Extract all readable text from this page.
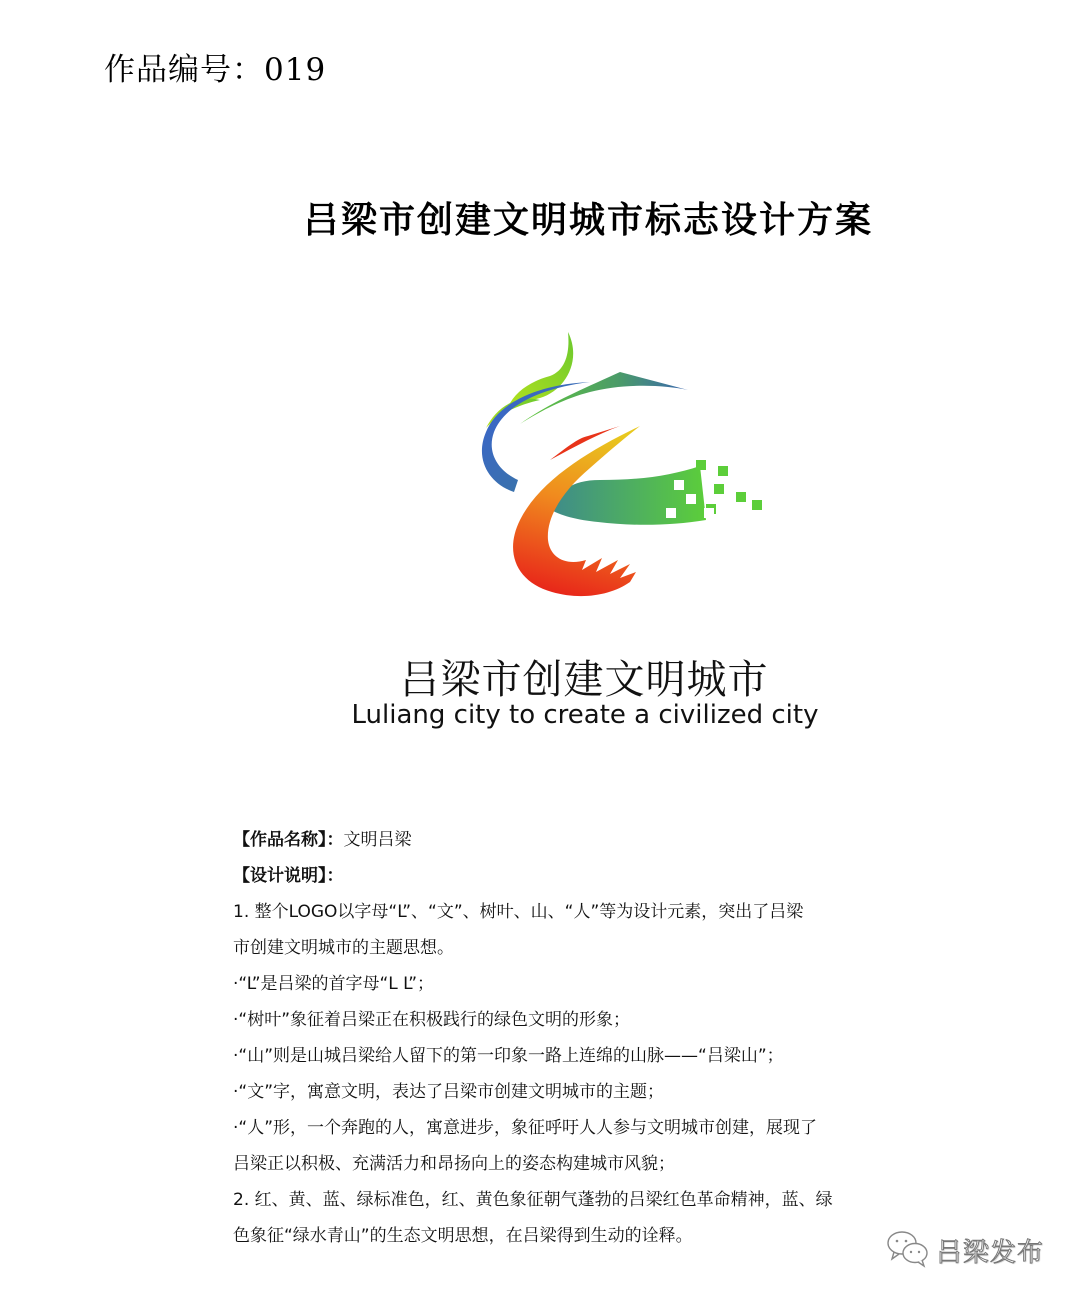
作品编号：019
吕梁市创建文明城市标志设计方案
吕梁市创建文明城市
Luliang city to create a civilized city
【作品名称】：文明吕梁
【设计说明】：
1. 整个LOGO以字母“L”、“文”、树叶、山、“人”等为设计元素，突出了吕梁
市创建文明城市的主题思想。
·“L”是吕梁的首字母“L L”；
·“树叶”象征着吕梁正在积极践行的绿色文明的形象；
·“山”则是山城吕梁给人留下的第一印象一路上连绵的山脉——“吕梁山”；
·“文”字，寓意文明，表达了吕梁市创建文明城市的主题；
·“人”形，一个奔跑的人，寓意进步，象征呼吁人人参与文明城市创建，展现了
吕梁正以积极、充满活力和昂扬向上的姿态构建城市风貌；
2. 红、黄、蓝、绿标准色，红、黄色象征朝气蓬勃的吕梁红色革命精神，蓝、绿
色象征“绿水青山”的生态文明思想，在吕梁得到生动的诠释。
吕梁发布
